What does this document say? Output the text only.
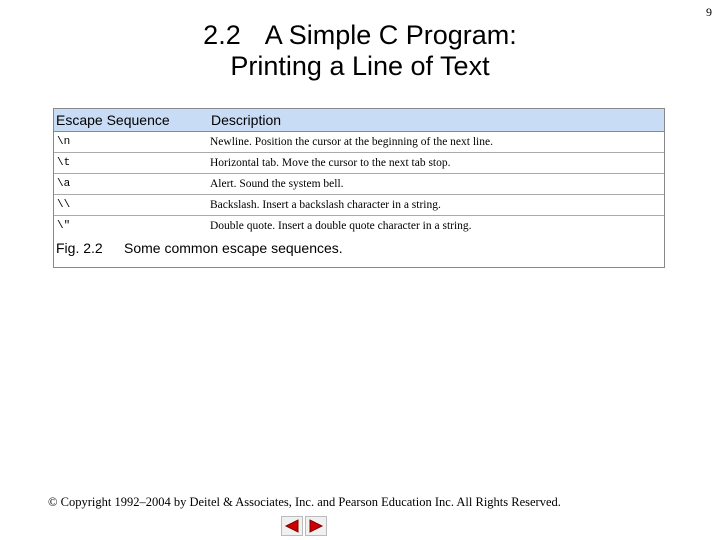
9
2.2 A Simple C Program:
Printing a Line of Text
Escape Sequence	Description
\n	Newline. Position the cursor at the beginning of the next line.
\t	Horizontal tab. Move the cursor to the next tab stop.
\a	Alert. Sound the system bell.
\\	Backslash. Insert a backslash character in a string.
\"	Double quote. Insert a double quote character in a string.
Fig. 2.2 Some common escape sequences.
© Copyright 1992–2004 by Deitel & Associates, Inc. and Pearson Education Inc. All Rights Reserved.
